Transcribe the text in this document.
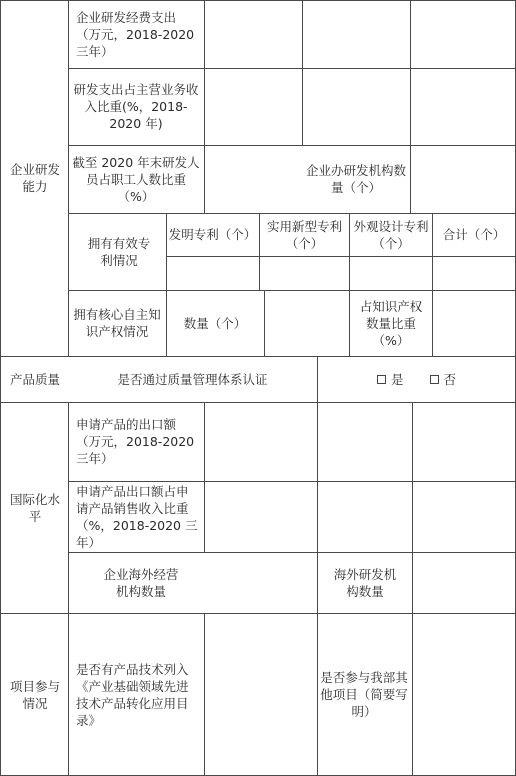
企业研发能力
产品质量
国际化水平
项目参与情况
企业研发经费支出（万元，2018-2020 三年）
研发支出占主营业务收入比重(%，2018-2020 年)
截至 2020 年末研发人员占职工人数比重（%）
企业办研发机构数量（个）
拥有有效专利情况
发明专利（个）
实用新型专利（个）
外观设计专利（个）
合计（个）
拥有核心自主知识产权情况
数量（个）
占知识产权数量比重（%）
是否通过质量管理体系认证	是	否
申请产品的出口额（万元，2018-2020 三年）
申请产品出口额占申请产品销售收入比重（%，2018-2020 三年）
企业海外经营机构数量
海外研发机构数量
是否有产品技术列入《产业基础领域先进技术产品转化应用目录》
是否参与我部其他项目（简要写明）
